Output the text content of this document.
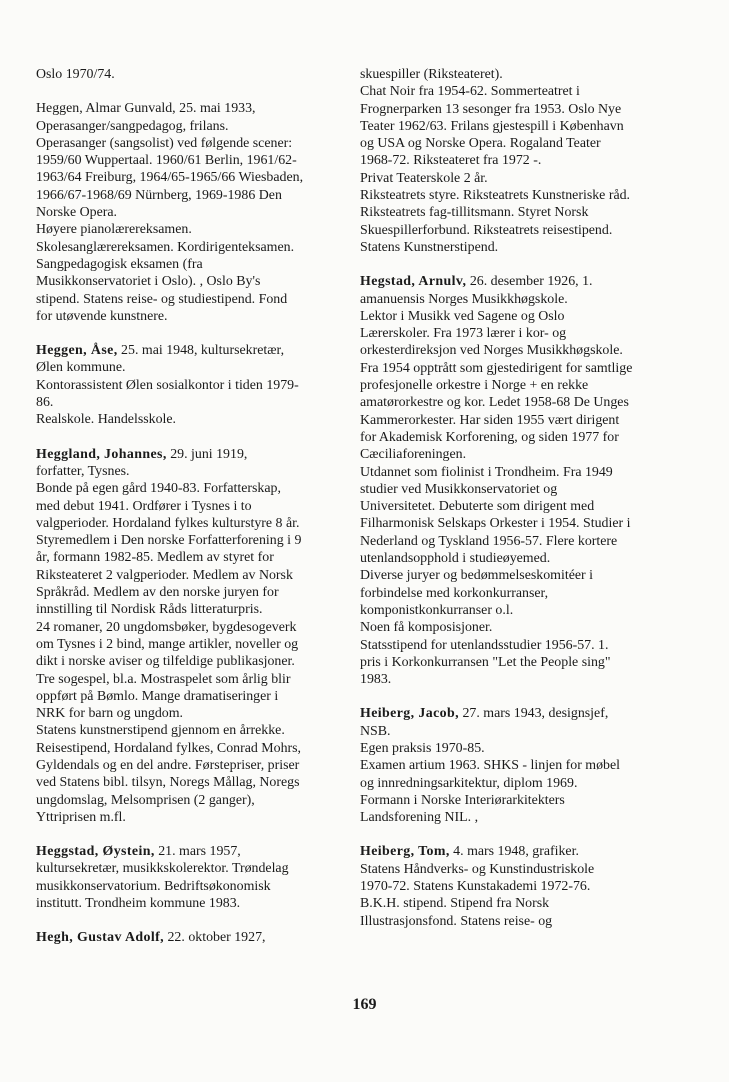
Oslo 1970/74.
Heggen, Almar Gunvald, 25. mai 1933,
Operasanger/sangpedagog, frilans.
Operasanger (sangsolist) ved følgende scener:
1959/60 Wuppertaal. 1960/61 Berlin, 1961/62-
1963/64 Freiburg, 1964/65-1965/66 Wiesbaden,
1966/67-1968/69 Nürnberg, 1969-1986 Den
Norske Opera.
Høyere pianolærereksamen.
Skolesanglærereksamen. Kordirigenteksamen.
Sangpedagogisk eksamen (fra
Musikkonservatoriet i Oslo). , Oslo By's
stipend. Statens reise- og studiestipend. Fond
for utøvende kunstnere.
Heggen, Åse, 25. mai 1948, kultursekretær,
Ølen kommune.
Kontorassistent Ølen sosialkontor i tiden 1979-
86.
Realskole. Handelsskole.
Heggland, Johannes, 29. juni 1919,
forfatter, Tysnes.
Bonde på egen gård 1940-83. Forfatterskap,
med debut 1941. Ordfører i Tysnes i to
valgperioder. Hordaland fylkes kulturstyre 8 år.
Styremedlem i Den norske Forfatterforening i 9
år, formann 1982-85. Medlem av styret for
Riksteateret 2 valgperioder. Medlem av Norsk
Språkråd. Medlem av den norske juryen for
innstilling til Nordisk Råds litteraturpris.
24 romaner, 20 ungdomsbøker, bygdesogeverk
om Tysnes i 2 bind, mange artikler, noveller og
dikt i norske aviser og tilfeldige publikasjoner.
Tre sogespel, bl.a. Mostraspelet som årlig blir
oppført på Bømlo. Mange dramatiseringer i
NRK for barn og ungdom.
Statens kunstnerstipend gjennom en årrekke.
Reisestipend, Hordaland fylkes, Conrad Mohrs,
Gyldendals og en del andre. Førstepriser, priser
ved Statens bibl. tilsyn, Noregs Mållag, Noregs
ungdomslag, Melsomprisen (2 ganger),
Yttriprisen m.fl.
Heggstad, Øystein, 21. mars 1957,
kultursekretær, musikkskolerektor. Trøndelag
musikkonservatorium. Bedriftsøkonomisk
institutt. Trondheim kommune 1983.
Hegh, Gustav Adolf, 22. oktober 1927,
skuespiller (Riksteateret).
Chat Noir fra 1954-62. Sommerteatret i
Frognerparken 13 sesonger fra 1953. Oslo Nye
Teater 1962/63. Frilans gjestespill i København
og USA og Norske Opera. Rogaland Teater
1968-72. Riksteateret fra 1972 -.
Privat Teaterskole 2 år.
Riksteatrets styre. Riksteatrets Kunstneriske råd.
Riksteatrets fag-tillitsmann. Styret Norsk
Skuespillerforbund. Riksteatrets reisestipend.
Statens Kunstnerstipend.
Hegstad, Arnulv, 26. desember 1926, 1.
amanuensis Norges Musikkhøgskole.
Lektor i Musikk ved Sagene og Oslo
Lærerskoler. Fra 1973 lærer i kor- og
orkesterdireksjon ved Norges Musikkhøgskole.
Fra 1954 opptrått som gjestedirigent for samtlige
profesjonelle orkestre i Norge + en rekke
amatørorkestre og kor. Ledet 1958-68 De Unges
Kammerorkester. Har siden 1955 vært dirigent
for Akademisk Korforening, og siden 1977 for
Cæciliaforeningen.
Utdannet som fiolinist i Trondheim. Fra 1949
studier ved Musikkonservatoriet og
Universitetet. Debuterte som dirigent med
Filharmonisk Selskaps Orkester i 1954. Studier i
Nederland og Tyskland 1956-57. Flere kortere
utenlandsopphold i studieøyemed.
Diverse juryer og bedømmelseskomitéer i
forbindelse med korkonkurranser,
komponistkonkurranser o.l.
Noen få komposisjoner.
Statsstipend for utenlandsstudier 1956-57. 1.
pris i Korkonkurransen "Let the People sing"
1983.
Heiberg, Jacob, 27. mars 1943, designsjef,
NSB.
Egen praksis 1970-85.
Examen artium 1963. SHKS - linjen for møbel
og innredningsarkitektur, diplom 1969.
Formann i Norske Interiørarkitekters
Landsforening NIL. ,
Heiberg, Tom, 4. mars 1948, grafiker.
Statens Håndverks- og Kunstindustriskole
1970-72. Statens Kunstakademi 1972-76.
B.K.H. stipend. Stipend fra Norsk
Illustrasjonsfond. Statens reise- og
169
